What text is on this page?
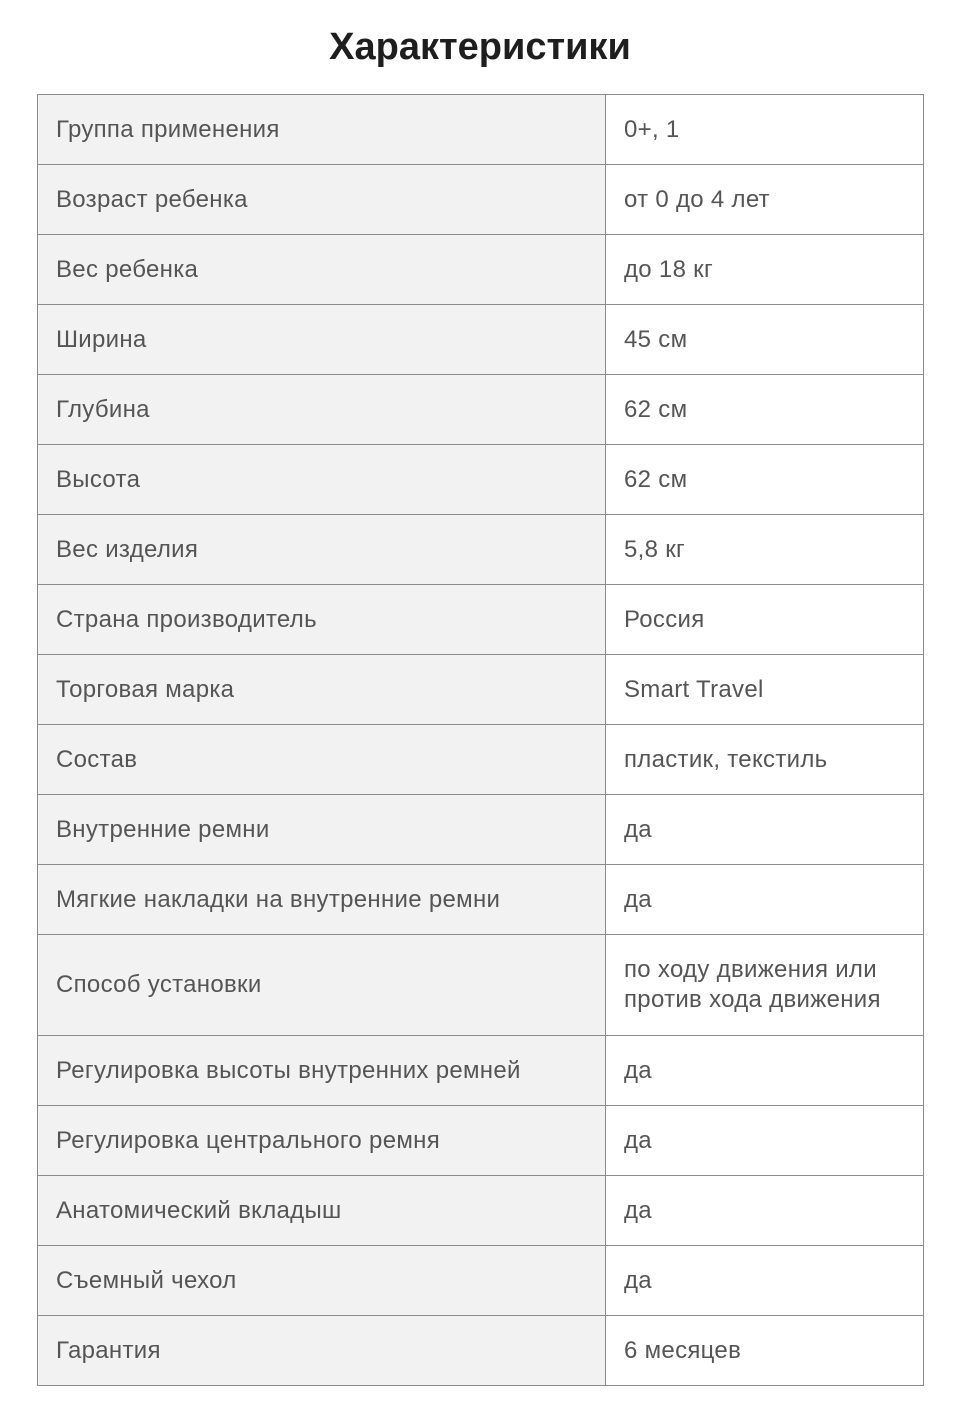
Характеристики
Группа применения	0+, 1
Возраст ребенка	от 0 до 4 лет
Вес ребенка	до 18 кг
Ширина	45 см
Глубина	62 см
Высота	62 см
Вес изделия	5,8 кг
Страна производитель	Россия
Торговая марка	Smart Travel
Состав	пластик, текстиль
Внутренние ремни	да
Мягкие накладки на внутренние ремни	да
Способ установки	по ходу движения или против хода движения
Регулировка высоты внутренних ремней	да
Регулировка центрального ремня	да
Анатомический вкладыш	да
Съемный чехол	да
Гарантия	6 месяцев
